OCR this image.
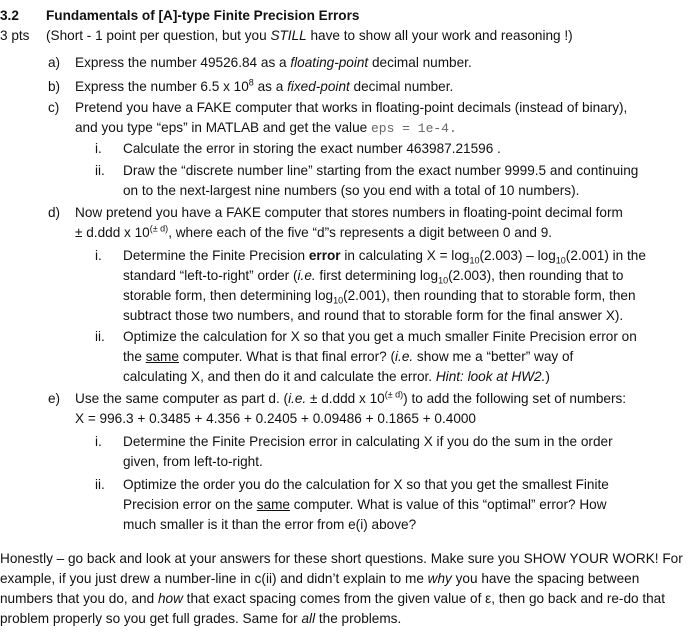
3.2
3 pts
Fundamentals of [A]-type Finite Precision Errors
(Short - 1 point per question, but you STILL have to show all your work and reasoning !)
a) Express the number 49526.84 as a floating-point decimal number.
b) Express the number 6.5 x $10^8$ as a fixed-point decimal number.
c) Pretend you have a FAKE computer that works in floating-point decimals (instead of binary),
and you type “eps” in MATLAB and get the value eps = 1e-4.
i. Calculate the error in storing the exact number 463987.21596 .
ii. Draw the “discrete number line” starting from the exact number 9999.5 and continuing
on to the next-largest nine numbers (so you end with a total of 10 numbers).
d) Now pretend you have a FAKE computer that stores numbers in floating-point decimal form
± d.ddd x $10^{(\pm d)}$, where each of the five “d”s represents a digit between 0 and 9.
i. Determine the Finite Precision error in calculating $X = \log_{10}(2.003) - \log_{10}(2.001)$ in the
standard “left-to-right” order (i.e. first determining $\log_{10}(2.003)$, then rounding that to
storable form, then determining $\log_{10}(2.001)$, then rounding that to storable form, then
subtract those two numbers, and round that to storable form for the final answer X).
ii. Optimize the calculation for X so that you get a much smaller Finite Precision error on
the same computer. What is that final error? (i.e. show me a “better” way of
calculating X, and then do it and calculate the error. Hint: look at HW2.)
e) Use the same computer as part d. (i.e. ± d.ddd x $10^{(\pm d)}$) to add the following set of numbers:
X = 996.3 + 0.3485 + 4.356 + 0.2405 + 0.09486 + 0.1865 + 0.4000
i. Determine the Finite Precision error in calculating X if you do the sum in the order
given, from left-to-right.
ii. Optimize the order you do the calculation for X so that you get the smallest Finite
Precision error on the same computer. What is value of this “optimal” error? How
much smaller is it than the error from e(i) above?
Honestly – go back and look at your answers for these short questions. Make sure you SHOW YOUR WORK! For example, if you just drew a number-line in c(ii) and didn’t explain to me why you have the spacing between numbers that you do, and how that exact spacing comes from the given value of ε, then go back and re-do that problem properly so you get full grades. Same for all the problems.
